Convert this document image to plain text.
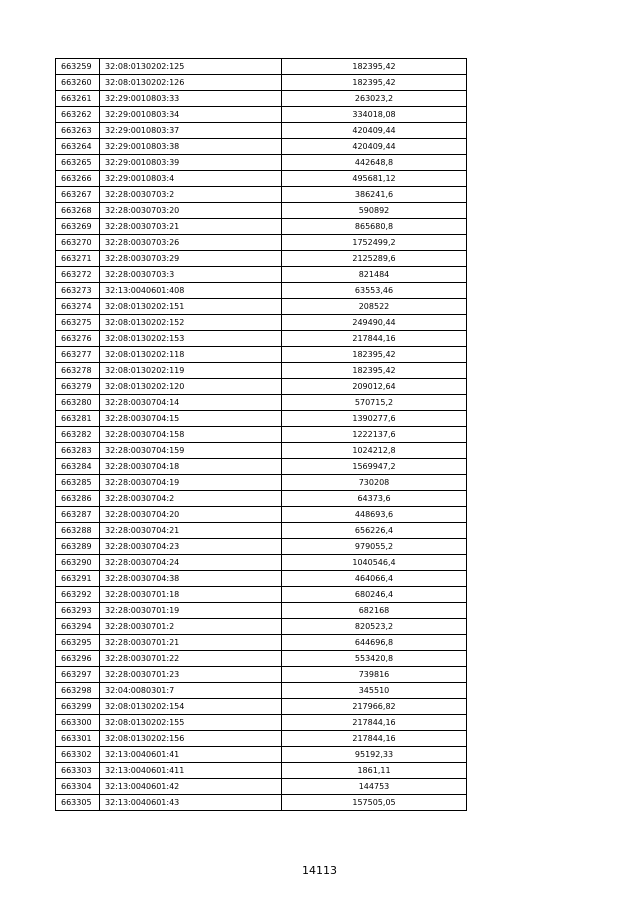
663259	32:08:0130202:125	182395,42
663260	32:08:0130202:126	182395,42
663261	32:29:0010803:33	263023,2
663262	32:29:0010803:34	334018,08
663263	32:29:0010803:37	420409,44
663264	32:29:0010803:38	420409,44
663265	32:29:0010803:39	442648,8
663266	32:29:0010803:4	495681,12
663267	32:28:0030703:2	386241,6
663268	32:28:0030703:20	590892
663269	32:28:0030703:21	865680,8
663270	32:28:0030703:26	1752499,2
663271	32:28:0030703:29	2125289,6
663272	32:28:0030703:3	821484
663273	32:13:0040601:408	63553,46
663274	32:08:0130202:151	208522
663275	32:08:0130202:152	249490,44
663276	32:08:0130202:153	217844,16
663277	32:08:0130202:118	182395,42
663278	32:08:0130202:119	182395,42
663279	32:08:0130202:120	209012,64
663280	32:28:0030704:14	570715,2
663281	32:28:0030704:15	1390277,6
663282	32:28:0030704:158	1222137,6
663283	32:28:0030704:159	1024212,8
663284	32:28:0030704:18	1569947,2
663285	32:28:0030704:19	730208
663286	32:28:0030704:2	64373,6
663287	32:28:0030704:20	448693,6
663288	32:28:0030704:21	656226,4
663289	32:28:0030704:23	979055,2
663290	32:28:0030704:24	1040546,4
663291	32:28:0030704:38	464066,4
663292	32:28:0030701:18	680246,4
663293	32:28:0030701:19	682168
663294	32:28:0030701:2	820523,2
663295	32:28:0030701:21	644696,8
663296	32:28:0030701:22	553420,8
663297	32:28:0030701:23	739816
663298	32:04:0080301:7	345510
663299	32:08:0130202:154	217966,82
663300	32:08:0130202:155	217844,16
663301	32:08:0130202:156	217844,16
663302	32:13:0040601:41	95192,33
663303	32:13:0040601:411	1861,11
663304	32:13:0040601:42	144753
663305	32:13:0040601:43	157505,05
14113
